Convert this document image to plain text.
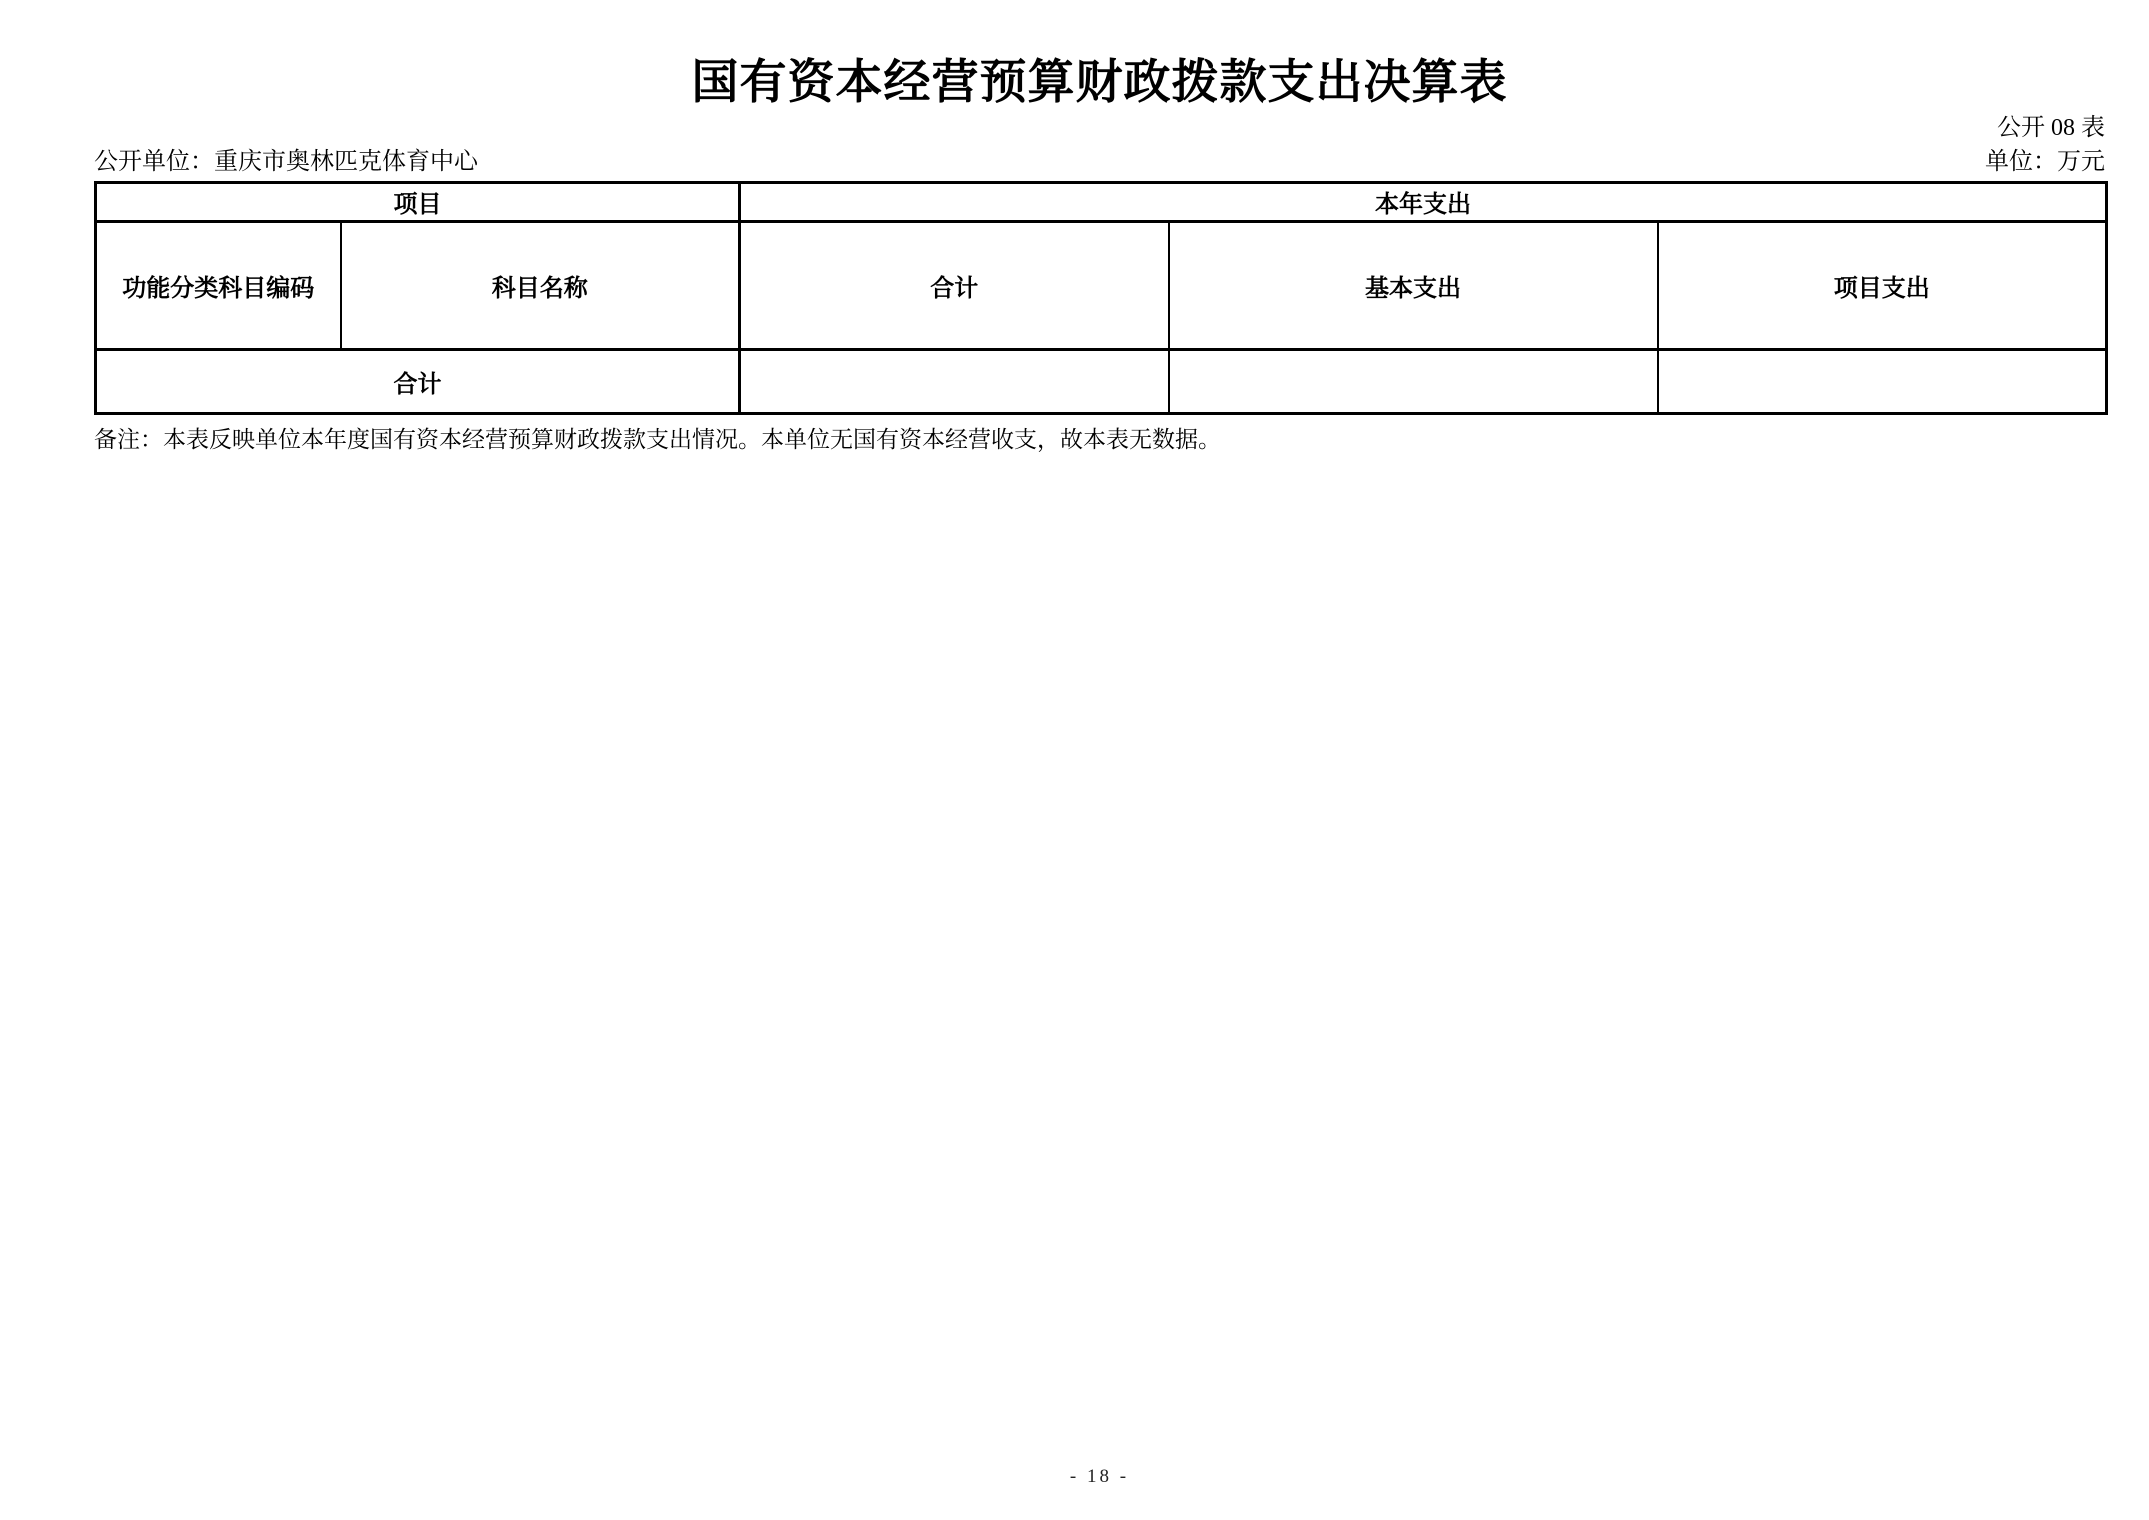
国有资本经营预算财政拨款支出决算表
公开 08 表
公开单位：重庆市奥林匹克体育中心	单位：万元
项目		本年支出		
功能分类科目编码	科目名称	合计	基本支出	项目支出
合计				
备注：本表反映单位本年度国有资本经营预算财政拨款支出情况。本单位无国有资本经营收支，故本表无数据。
- 18 -
